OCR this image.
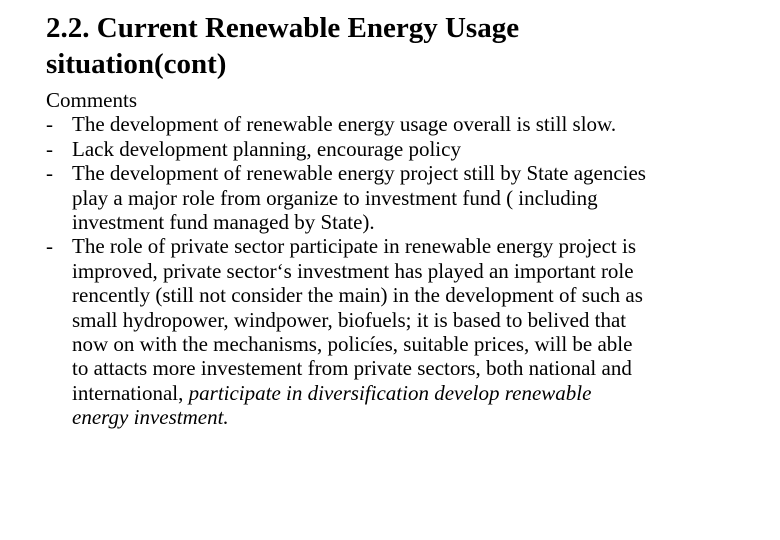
2.2. Current Renewable Energy Usage
situation(cont)

Comments

- The development of renewable energy usage overall is still slow.
- Lack development planning, encourage policy
- The development of renewable energy project still by State agencies
play a major role from organize to investment fund ( including
investment fund managed by State).
- The role of private sector participate in renewable energy project is
improved, private sector‘s investment has played an important role
rencently (still not consider the main) in the development of such as
small hydropower, windpower, biofuels; it is based to belived that
now on with the mechanisms, policíes, suitable prices, will be able
to attacts more investement from private sectors, both national and
international, participate in diversification develop renewable
energy investment.
